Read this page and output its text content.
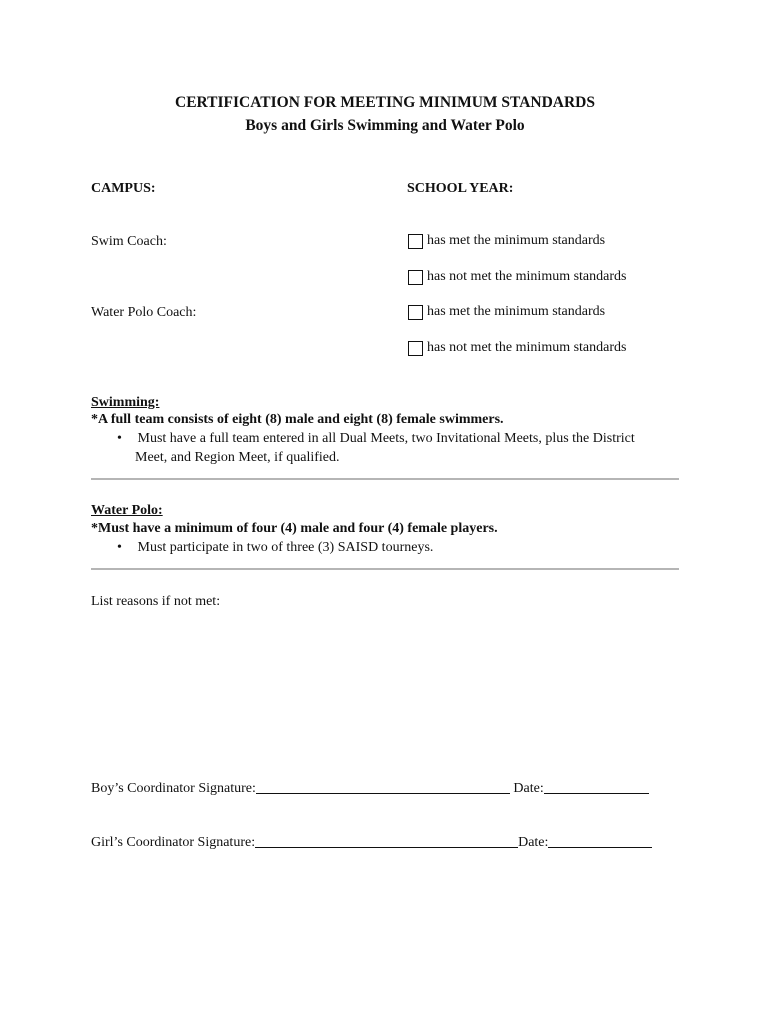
CERTIFICATION FOR MEETING MINIMUM STANDARDS
Boys and Girls Swimming and Water Polo
CAMPUS:	SCHOOL YEAR:
Swim Coach:	has met the minimum standards
has not met the minimum standards
Water Polo Coach:	has met the minimum standards
has not met the minimum standards
Swimming:
*A full team consists of eight (8) male and eight (8) female swimmers.
• Must have a full team entered in all Dual Meets, two Invitational Meets, plus the District
Meet, and Region Meet, if qualified.
Water Polo:
*Must have a minimum of four (4) male and four (4) female players.
• Must participate in two of three (3) SAISD tourneys.
List reasons if not met:
Boy’s Coordinator Signature:	Date:
Girl’s Coordinator Signature:	Date:
